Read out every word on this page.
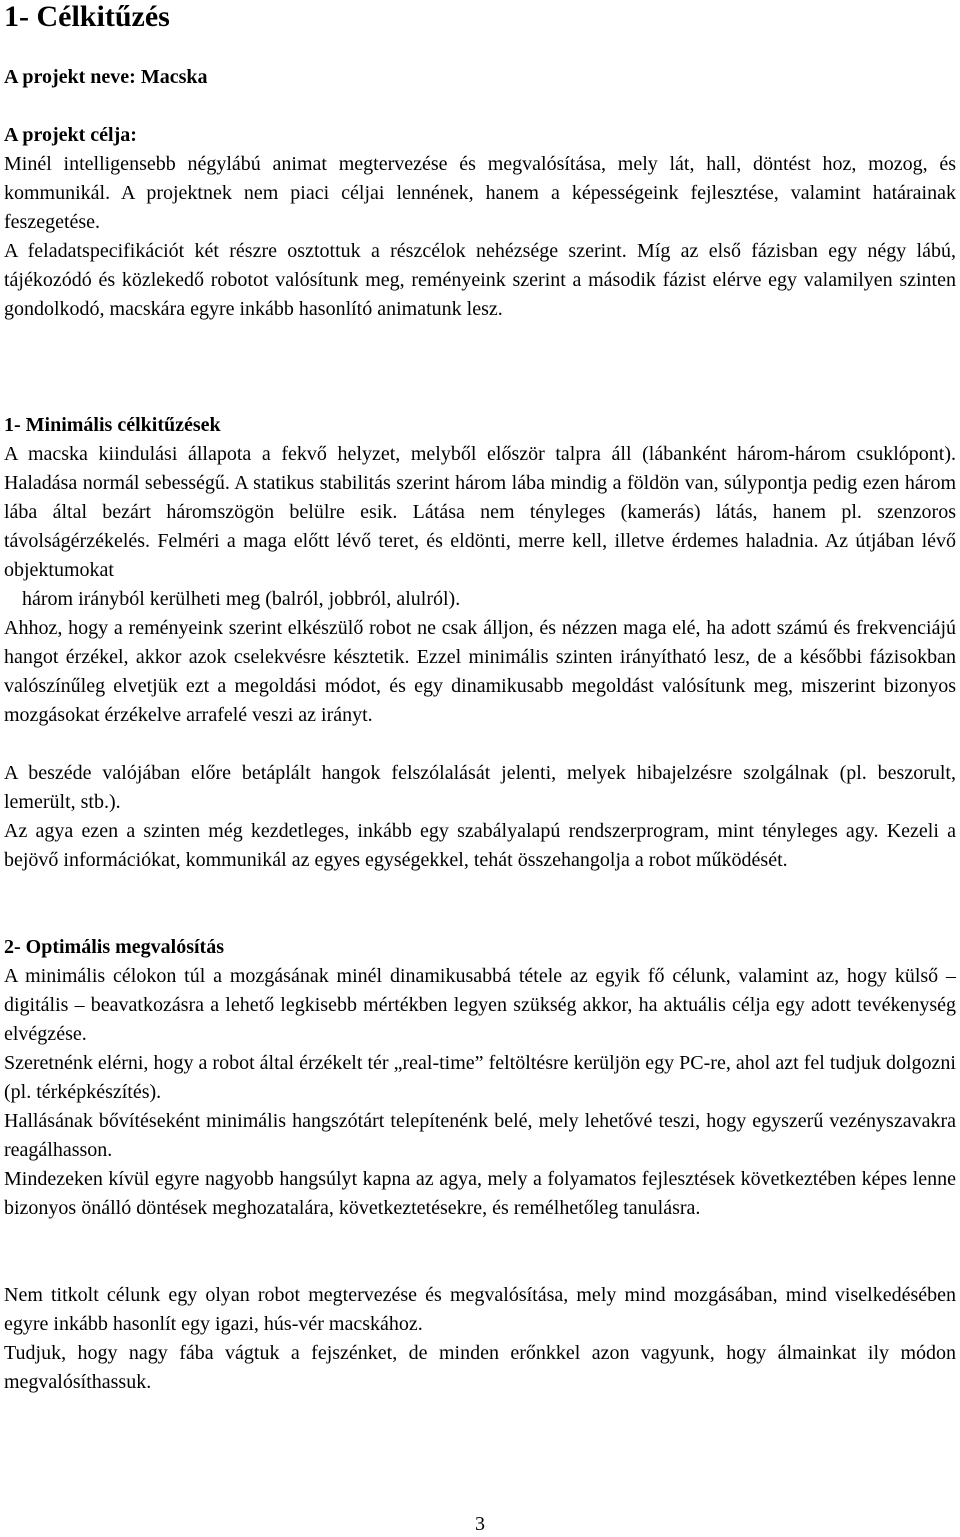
1- Célkitűzés
A projekt neve: Macska
A projekt célja:
Minél intelligensebb négylábú animat megtervezése és megvalósítása, mely lát, hall, döntést hoz, mozog, és kommunikál. A projektnek nem piaci céljai lennének, hanem a képességeink fejlesztése, valamint határainak feszegetése.
A feladatspecifikációt két részre osztottuk a részcélok nehézsége szerint. Míg az első fázisban egy négy lábú, tájékozódó és közlekedő robotot valósítunk meg, reményeink szerint a második fázist elérve egy valamilyen szinten gondolkodó, macskára egyre inkább hasonlító animatunk lesz.
1- Minimális célkitűzések
A macska kiindulási állapota a fekvő helyzet, melyből először talpra áll (lábanként három-három csuklópont). Haladása normál sebességű. A statikus stabilitás szerint három lába mindig a földön van, súlypontja pedig ezen három lába által bezárt háromszögön belülre esik. Látása nem tényleges (kamerás) látás, hanem pl. szenzoros távolságérzékelés. Felméri a maga előtt lévő teret, és eldönti, merre kell, illetve érdemes haladnia. Az útjában lévő objektumokat
három irányból kerülheti meg (balról, jobbról, alulról).
Ahhoz, hogy a reményeink szerint elkészülő robot ne csak álljon, és nézzen maga elé, ha adott számú és frekvenciájú hangot érzékel, akkor azok cselekvésre késztetik. Ezzel minimális szinten irányítható lesz, de a későbbi fázisokban valószínűleg elvetjük ezt a megoldási módot, és egy dinamikusabb megoldást valósítunk meg, miszerint bizonyos mozgásokat érzékelve arrafelé veszi az irányt.
A beszéde valójában előre betáplált hangok felszólalását jelenti, melyek hibajelzésre szolgálnak (pl. beszorult, lemerült, stb.).
Az agya ezen a szinten még kezdetleges, inkább egy szabályalapú rendszerprogram, mint tényleges agy. Kezeli a bejövő információkat, kommunikál az egyes egységekkel, tehát összehangolja a robot működését.
2- Optimális megvalósítás
A minimális célokon túl a mozgásának minél dinamikusabbá tétele az egyik fő célunk, valamint az, hogy külső – digitális – beavatkozásra a lehető legkisebb mértékben legyen szükség akkor, ha aktuális célja egy adott tevékenység elvégzése.
Szeretnénk elérni, hogy a robot által érzékelt tér „real-time” feltöltésre kerüljön egy PC-re, ahol azt fel tudjuk dolgozni (pl. térképkészítés).
Hallásának bővítéseként minimális hangszótárt telepítenénk belé, mely lehetővé teszi, hogy egyszerű vezényszavakra reagálhasson.
Mindezeken kívül egyre nagyobb hangsúlyt kapna az agya, mely a folyamatos fejlesztések következtében képes lenne bizonyos önálló döntések meghozatalára, következtetésekre, és remélhetőleg tanulásra.
Nem titkolt célunk egy olyan robot megtervezése és megvalósítása, mely mind mozgásában, mind viselkedésében egyre inkább hasonlít egy igazi, hús-vér macskához.
Tudjuk, hogy nagy fába vágtuk a fejszénket, de minden erőnkkel azon vagyunk, hogy álmainkat ily módon megvalósíthassuk.
3
